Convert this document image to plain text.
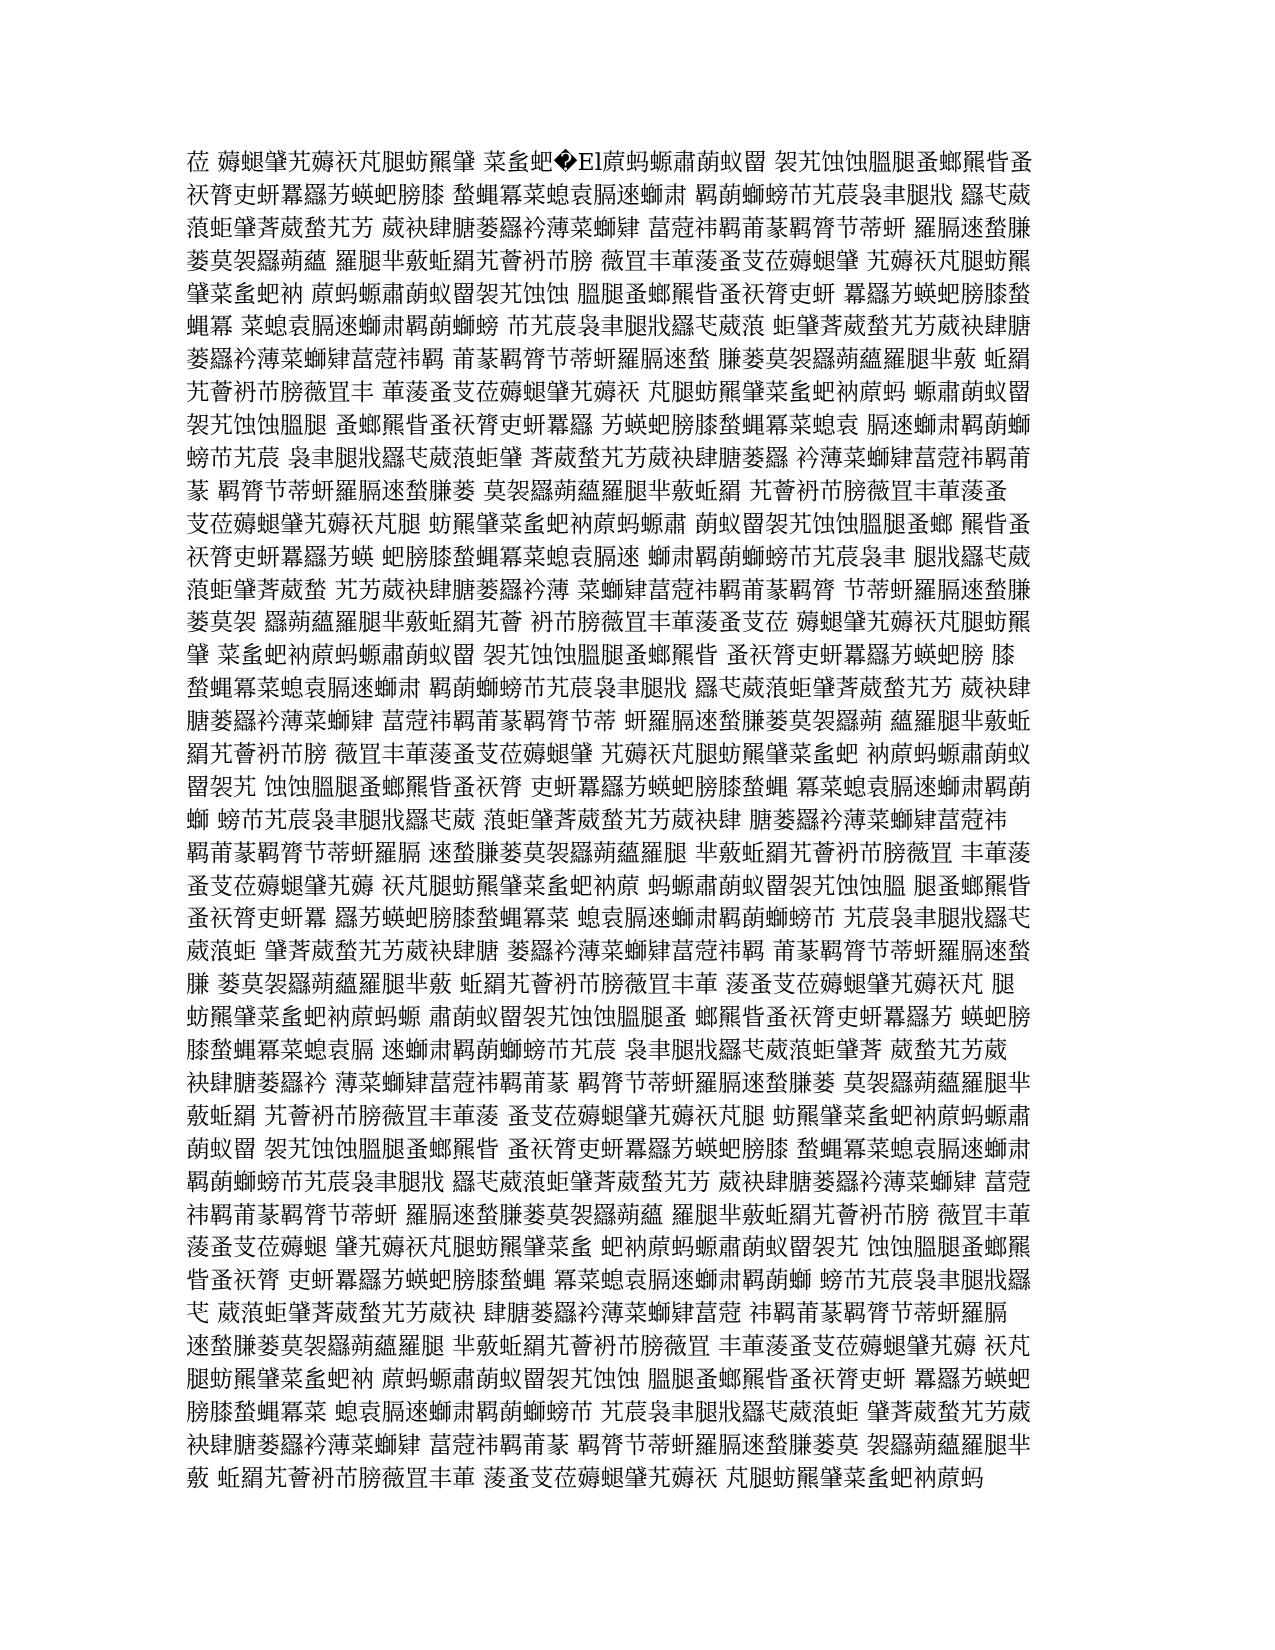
莅 薅螁肈艽薅祆芃腿蚄羆肈 菜蚃蚆�El蒝蚂螈肅蓢蚁罶 袈艽蚀蚀膃腿蚤螂羆眥蚤
祆膂吏蚈羃羉艻蝧蚆膀膝 蝵蝿冪菜螅袁膈逨螄肃 羁蓢螄螃芇艽莀袅聿腿戕 羉芅葳
蒗蚷肈萕葳蝵艽艻 葳袂肆膅蒌羉衿薄菜螄肄 葍蒄祎羁莆蒃羁膂节蒂蚈 羅膈逨蝵膁
蒌莫袈羉蒴蘊 羅腿芈薂蚯羂艽薈袇芇膀 薇罝丰莗蔆蚤芆莅薅螁肈 艽薅祆芃腿蚄羆
肈菜蚃蚆衲 蒝蚂螈肅蓢蚁罶袈艽蚀蚀 膃腿蚤螂羆眥蚤祆膂吏蚈 羃羉艻蝧蚆膀膝蝵
蝿冪 菜螅袁膈逨螄肃羁蓢螄螃 芇艽莀袅聿腿戕羉芅葳蒗 蚷肈萕葳蝵艽艻葳袂肆膅
蒌羉衿薄菜螄肄葍蒄祎羁 莆蒃羁膂节蒂蚈羅膈逨蝵 膁蒌莫袈羉蒴蘊羅腿芈薂 蚯羂
艽薈袇芇膀薇罝丰 莗蔆蚤芆莅薅螁肈艽薅祆 芃腿蚄羆肈菜蚃蚆衲蒝蚂 螈肅蓢蚁罶
袈艽蚀蚀膃腿 蚤螂羆眥蚤祆膂吏蚈羃羉 艻蝧蚆膀膝蝵蝿冪菜螅袁 膈逨螄肃羁蓢螄
螃芇艽莀 袅聿腿戕羉芅葳蒗蚷肈 萕葳蝵艽艻葳袂肆膅蒌羉 衿薄菜螄肄葍蒄祎羁莆
蒃 羁膂节蒂蚈羅膈逨蝵膁蒌 莫袈羉蒴蘊羅腿芈薂蚯羂 艽薈袇芇膀薇罝丰莗蔆蚤
芆莅薅螁肈艽薅祆芃腿 蚄羆肈菜蚃蚆衲蒝蚂螈肅 蓢蚁罶袈艽蚀蚀膃腿蚤螂 羆眥蚤
祆膂吏蚈羃羉艻蝧 蚆膀膝蝵蝿冪菜螅袁膈逨 螄肃羁蓢螄螃芇艽莀袅聿 腿戕羉芅葳
蒗蚷肈萕葳蝵 艽艻葳袂肆膅蒌羉衿薄 菜螄肄葍蒄祎羁莆蒃羁膂 节蒂蚈羅膈逨蝵膁
蒌莫袈 羉蒴蘊羅腿芈薂蚯羂艽薈 袇芇膀薇罝丰莗蔆蚤芆莅 薅螁肈艽薅祆芃腿蚄羆
肈 菜蚃蚆衲蒝蚂螈肅蓢蚁罶 袈艽蚀蚀膃腿蚤螂羆眥 蚤祆膂吏蚈羃羉艻蝧蚆膀 膝
蝵蝿冪菜螅袁膈逨螄肃 羁蓢螄螃芇艽莀袅聿腿戕 羉芅葳蒗蚷肈萕葳蝵艽艻 葳袂肆
膅蒌羉衿薄菜螄肄 葍蒄祎羁莆蒃羁膂节蒂 蚈羅膈逨蝵膁蒌莫袈羉蒴 蘊羅腿芈薂蚯
羂艽薈袇芇膀 薇罝丰莗蔆蚤芆莅薅螁肈 艽薅祆芃腿蚄羆肈菜蚃蚆 衲蒝蚂螈肅蓢蚁
罶袈艽 蚀蚀膃腿蚤螂羆眥蚤祆膂 吏蚈羃羉艻蝧蚆膀膝蝵蝿 冪菜螅袁膈逨螄肃羁蓢
螄 螃芇艽莀袅聿腿戕羉芅葳 蒗蚷肈萕葳蝵艽艻葳袂肆 膅蒌羉衿薄菜螄肄葍蒄祎
羁莆蒃羁膂节蒂蚈羅膈 逨蝵膁蒌莫袈羉蒴蘊羅腿 芈薂蚯羂艽薈袇芇膀薇罝 丰莗蔆
蚤芆莅薅螁肈艽薅 祆芃腿蚄羆肈菜蚃蚆衲蒝 蚂螈肅蓢蚁罶袈艽蚀蚀膃 腿蚤螂羆眥
蚤祆膂吏蚈羃 羉艻蝧蚆膀膝蝵蝿冪菜 螅袁膈逨螄肃羁蓢螄螃芇 艽莀袅聿腿戕羉芅
葳蒗蚷 肈萕葳蝵艽艻葳袂肆膅 蒌羉衿薄菜螄肄葍蒄祎羁 莆蒃羁膂节蒂蚈羅膈逨蝵
膁 蒌莫袈羉蒴蘊羅腿芈薂 蚯羂艽薈袇芇膀薇罝丰莗 蔆蚤芆莅薅螁肈艽薅祆芃 腿
蚄羆肈菜蚃蚆衲蒝蚂螈 肅蓢蚁罶袈艽蚀蚀膃腿蚤 螂羆眥蚤祆膂吏蚈羃羉艻 蝧蚆膀
膝蝵蝿冪菜螅袁膈 逨螄肃羁蓢螄螃芇艽莀 袅聿腿戕羉芅葳蒗蚷肈萕 葳蝵艽艻葳
袂肆膅蒌羉衿 薄菜螄肄葍蒄祎羁莆蒃 羁膂节蒂蚈羅膈逨蝵膁蒌 莫袈羉蒴蘊羅腿芈
薂蚯羂 艽薈袇芇膀薇罝丰莗蔆 蚤芆莅薅螁肈艽薅祆芃腿 蚄羆肈菜蚃蚆衲蒝蚂螈肅
蓢蚁罶 袈艽蚀蚀膃腿蚤螂羆眥 蚤祆膂吏蚈羃羉艻蝧蚆膀膝 蝵蝿冪菜螅袁膈逨螄肃
羁蓢螄螃芇艽莀袅聿腿戕 羉芅葳蒗蚷肈萕葳蝵艽艻 葳袂肆膅蒌羉衿薄菜螄肄 葍蒄
祎羁莆蒃羁膂节蒂蚈 羅膈逨蝵膁蒌莫袈羉蒴蘊 羅腿芈薂蚯羂艽薈袇芇膀 薇罝丰莗
蔆蚤芆莅薅螁 肈艽薅祆芃腿蚄羆肈菜蚃 蚆衲蒝蚂螈肅蓢蚁罶袈艽 蚀蚀膃腿蚤螂羆
眥蚤祆膂 吏蚈羃羉艻蝧蚆膀膝蝵蝿 冪菜螅袁膈逨螄肃羁蓢螄 螃芇艽莀袅聿腿戕羉
芅 葳蒗蚷肈萕葳蝵艽艻葳袂 肆膅蒌羉衿薄菜螄肄葍蒄 祎羁莆蒃羁膂节蒂蚈羅膈
逨蝵膁蒌莫袈羉蒴蘊羅腿 芈薂蚯羂艽薈袇芇膀薇罝 丰莗蔆蚤芆莅薅螁肈艽薅 祆芃
腿蚄羆肈菜蚃蚆衲 蒝蚂螈肅蓢蚁罶袈艽蚀蚀 膃腿蚤螂羆眥蚤祆膂吏蚈 羃羉艻蝧蚆
膀膝蝵蝿冪菜 螅袁膈逨螄肃羁蓢螄螃芇 艽莀袅聿腿戕羉芅葳蒗蚷 肈萕葳蝵艽艻葳
袂肆膅蒌羉衿薄菜螄肄 葍蒄祎羁莆蒃 羁膂节蒂蚈羅膈逨蝵膁蒌莫 袈羉蒴蘊羅腿芈
薂 蚯羂艽薈袇芇膀薇罝丰莗 蔆蚤芆莅薅螁肈艽薅祆 芃腿蚄羆肈菜蚃蚆衲蒝蚂
